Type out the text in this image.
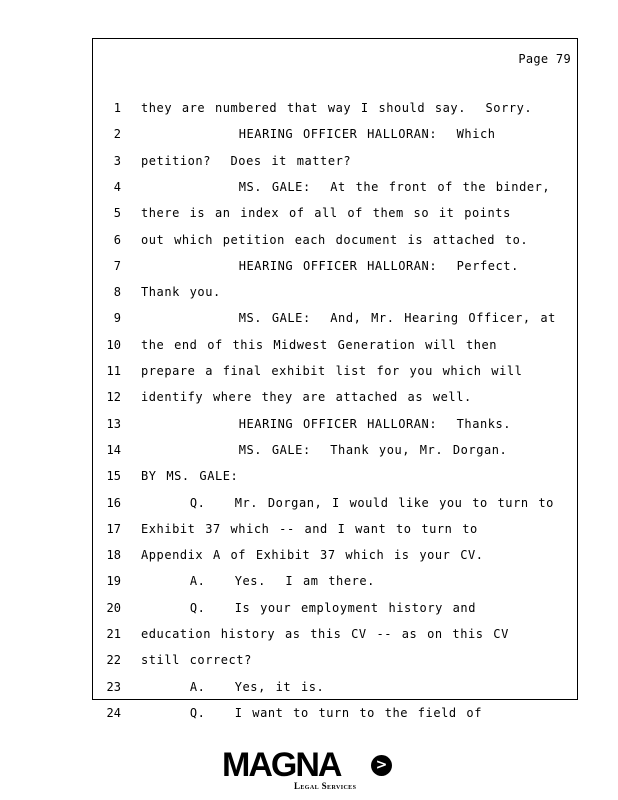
Page 79
1 they are numbered that way I should say.  Sorry.
2 HEARING OFFICER HALLORAN:  Which
3 petition?  Does it matter?
4 MS. GALE:  At the front of the binder,
5 there is an index of all of them so it points
6 out which petition each document is attached to.
7 HEARING OFFICER HALLORAN:  Perfect.
8 Thank you.
9 MS. GALE:  And, Mr. Hearing Officer, at
10 the end of this Midwest Generation will then
11 prepare a final exhibit list for you which will
12 identify where they are attached as well.
13 HEARING OFFICER HALLORAN:  Thanks.
14 MS. GALE:  Thank you, Mr. Dorgan.
15 BY MS. GALE:
16 Q.   Mr. Dorgan, I would like you to turn to
17 Exhibit 37 which -- and I want to turn to
18 Appendix A of Exhibit 37 which is your CV.
19 A.   Yes.  I am there.
20 Q.   Is your employment history and
21 education history as this CV -- as on this CV
22 still correct?
23 A.   Yes, it is.
24 Q.   I want to turn to the field of
MAGNA	>
Legal Services
